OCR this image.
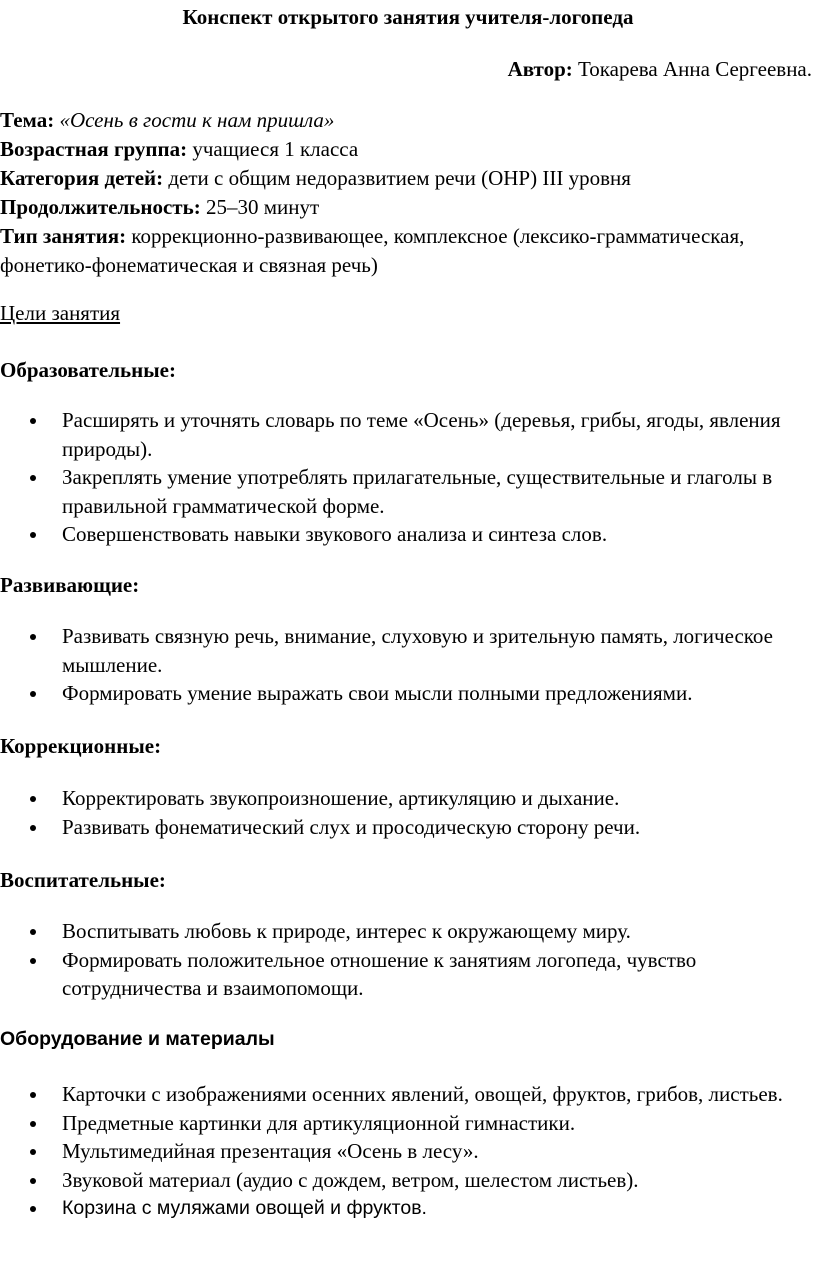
Конспект открытого занятия учителя-логопеда
Автор: Токарева Анна Сергеевна.
Тема: «Осень в гости к нам пришла»
Возрастная группа: учащиеся 1 класса
Категория детей: дети с общим недоразвитием речи (ОНР) III уровня
Продолжительность: 25–30 минут
Тип занятия: коррекционно-развивающее, комплексное (лексико-грамматическая, фонетико-фонематическая и связная речь)
Цели занятия
Образовательные:
Расширять и уточнять словарь по теме «Осень» (деревья, грибы, ягоды, явления природы).
Закреплять умение употреблять прилагательные, существительные и глаголы в правильной грамматической форме.
Совершенствовать навыки звукового анализа и синтеза слов.
Развивающие:
Развивать связную речь, внимание, слуховую и зрительную память, логическое мышление.
Формировать умение выражать свои мысли полными предложениями.
Коррекционные:
Корректировать звукопроизношение, артикуляцию и дыхание.
Развивать фонематический слух и просодическую сторону речи.
Воспитательные:
Воспитывать любовь к природе, интерес к окружающему миру.
Формировать положительное отношение к занятиям логопеда, чувство сотрудничества и взаимопомощи.
Оборудование и материалы
Карточки с изображениями осенних явлений, овощей, фруктов, грибов, листьев.
Предметные картинки для артикуляционной гимнастики.
Мультимедийная презентация «Осень в лесу».
Звуковой материал (аудио с дождем, ветром, шелестом листьев).
Корзина с муляжами овощей и фруктов.
